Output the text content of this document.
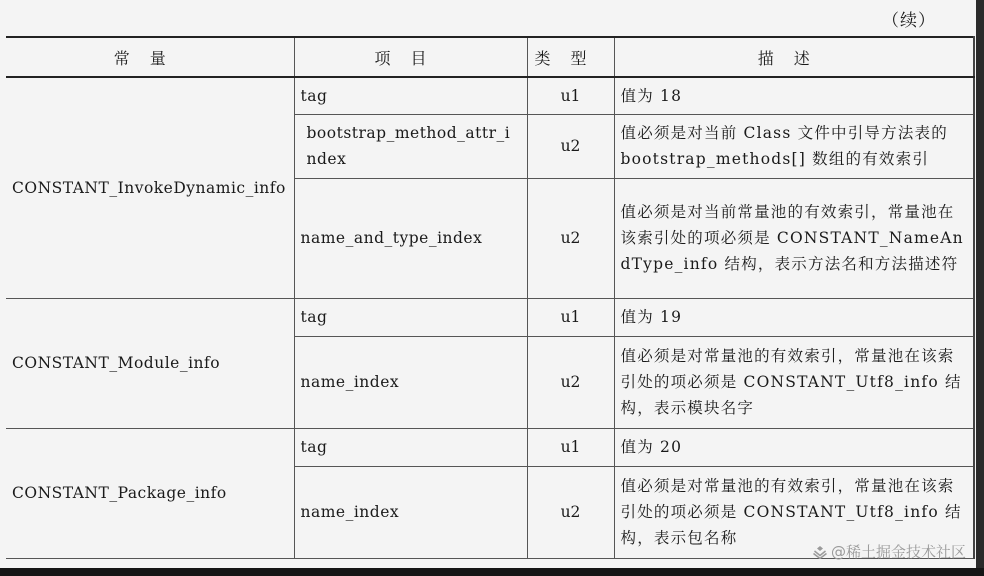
（续）
常量	项目	类型	描述
CONSTANT_InvokeDynamic_info	tag	u1	值为 18
	bootstrap_method_attr_index	u2	值必须是对当前 Class 文件中引导方法表的 bootstrap_methods[] 数组的有效索引
	name_and_type_index	u2	值必须是对当前常量池的有效索引，常量池在该索引处的项必须是 CONSTANT_NameAndType_info 结构，表示方法名和方法描述符
CONSTANT_Module_info	tag	u1	值为 19
	name_index	u2	值必须是对常量池的有效索引，常量池在该索引处的项必须是 CONSTANT_Utf8_info 结构，表示模块名字
CONSTANT_Package_info	tag	u1	值为 20
	name_index	u2	值必须是对常量池的有效索引，常量池在该索引处的项必须是 CONSTANT_Utf8_info 结构，表示包名称
@稀土掘金技术社区
